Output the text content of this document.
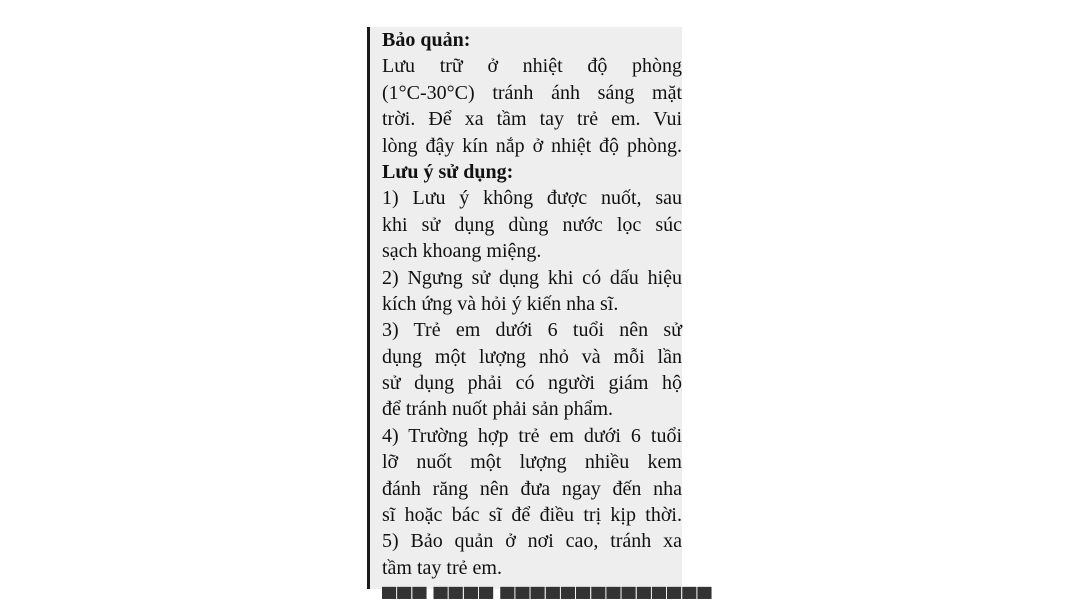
Bảo quản:
Lưu trữ ở nhiệt độ phòng
(1°C-30°C) tránh ánh sáng mặt
trời. Để xa tầm tay trẻ em. Vui
lòng đậy kín nắp ở nhiệt độ phòng.
Lưu ý sử dụng:
1) Lưu ý không được nuốt, sau
khi sử dụng dùng nước lọc súc
sạch khoang miệng.
2) Ngưng sử dụng khi có dấu hiệu
kích ứng và hỏi ý kiến nha sĩ.
3) Trẻ em dưới 6 tuổi nên sử
dụng một lượng nhỏ và mỗi lần
sử dụng phải có người giám hộ
để tránh nuốt phải sản phẩm.
4) Trường hợp trẻ em dưới 6 tuổi
lỡ nuốt một lượng nhiều kem
đánh răng nên đưa ngay đến nha
sĩ hoặc bác sĩ để điều trị kịp thời.
5) Bảo quản ở nơi cao, tránh xa
tầm tay trẻ em.
▀▀▀ ▀▀▀▀ ▀▀▀▀▀▀▀▀▀▀▀▀▀▀
